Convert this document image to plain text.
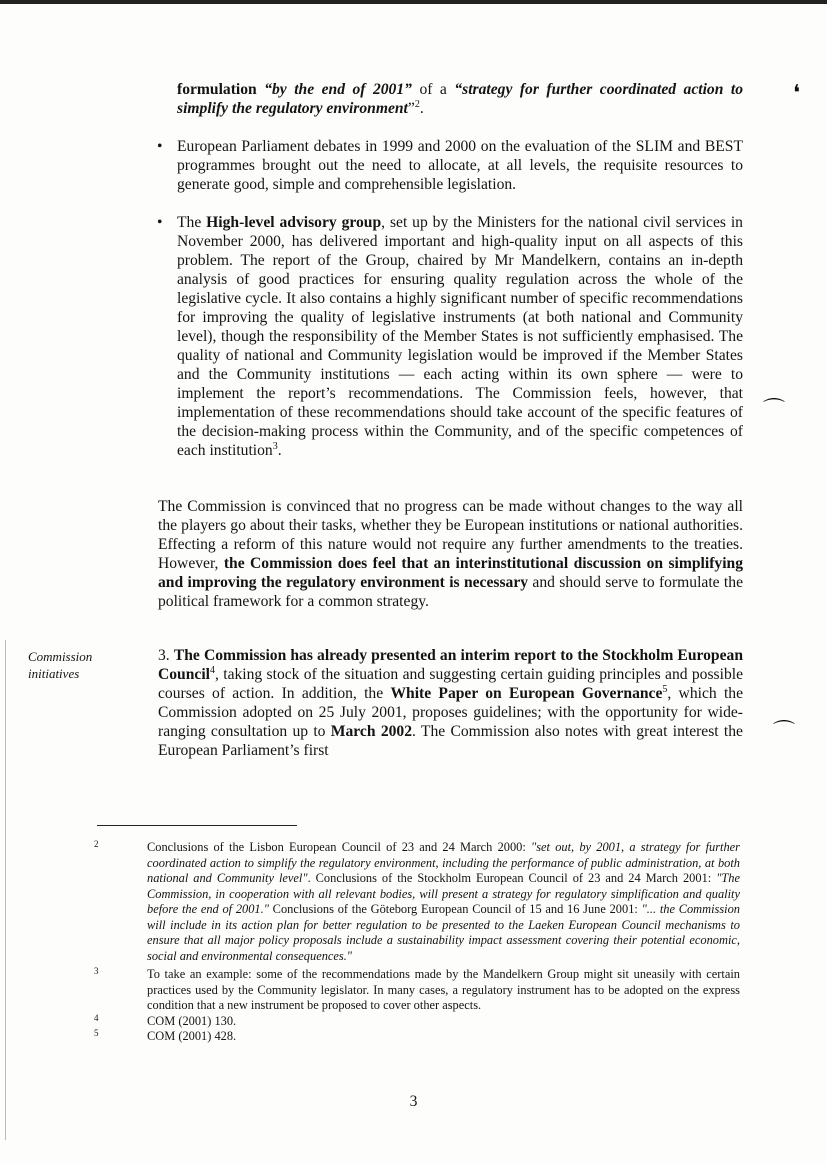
❛
⌒
⌒
formulation “by the end of 2001” of a “strategy for further coordinated action to simplify the regulatory environment”$^2$.
• European Parliament debates in 1999 and 2000 on the evaluation of the SLIM and BEST programmes brought out the need to allocate, at all levels, the requisite resources to generate good, simple and comprehensible legislation.
• The High-level advisory group, set up by the Ministers for the national civil services in November 2000, has delivered important and high-quality input on all aspects of this problem. The report of the Group, chaired by Mr Mandelkern, contains an in-depth analysis of good practices for ensuring quality regulation across the whole of the legislative cycle. It also contains a highly significant number of specific recommendations for improving the quality of legislative instruments (at both national and Community level), though the responsibility of the Member States is not sufficiently emphasised. The quality of national and Community legislation would be improved if the Member States and the Community institutions — each acting within its own sphere — were to implement the report’s recommendations. The Commission feels, however, that implementation of these recommendations should take account of the specific features of the decision-making process within the Community, and of the specific competences of each institution$^3$.
The Commission is convinced that no progress can be made without changes to the way all the players go about their tasks, whether they be European institutions or national authorities. Effecting a reform of this nature would not require any further amendments to the treaties. However, the Commission does feel that an interinstitutional discussion on simplifying and improving the regulatory environment is necessary and should serve to formulate the political framework for a common strategy.
Commission initiatives
3. The Commission has already presented an interim report to the Stockholm European Council$^4$, taking stock of the situation and suggesting certain guiding principles and possible courses of action. In addition, the White Paper on European Governance$^5$, which the Commission adopted on 25 July 2001, proposes guidelines; with the opportunity for wide-ranging consultation up to March 2002. The Commission also notes with great interest the European Parliament’s first
2	Conclusions of the Lisbon European Council of 23 and 24 March 2000: "set out, by 2001, a strategy for further coordinated action to simplify the regulatory environment, including the performance of public administration, at both national and Community level". Conclusions of the Stockholm European Council of 23 and 24 March 2001: "The Commission, in cooperation with all relevant bodies, will present a strategy for regulatory simplification and quality before the end of 2001." Conclusions of the Göteborg European Council of 15 and 16 June 2001: "... the Commission will include in its action plan for better regulation to be presented to the Laeken European Council mechanisms to ensure that all major policy proposals include a sustainability impact assessment covering their potential economic, social and environmental consequences."
3	To take an example: some of the recommendations made by the Mandelkern Group might sit uneasily with certain practices used by the Community legislator. In many cases, a regulatory instrument has to be adopted on the express condition that a new instrument be proposed to cover other aspects.
4	COM (2001) 130.
5	COM (2001) 428.
3
